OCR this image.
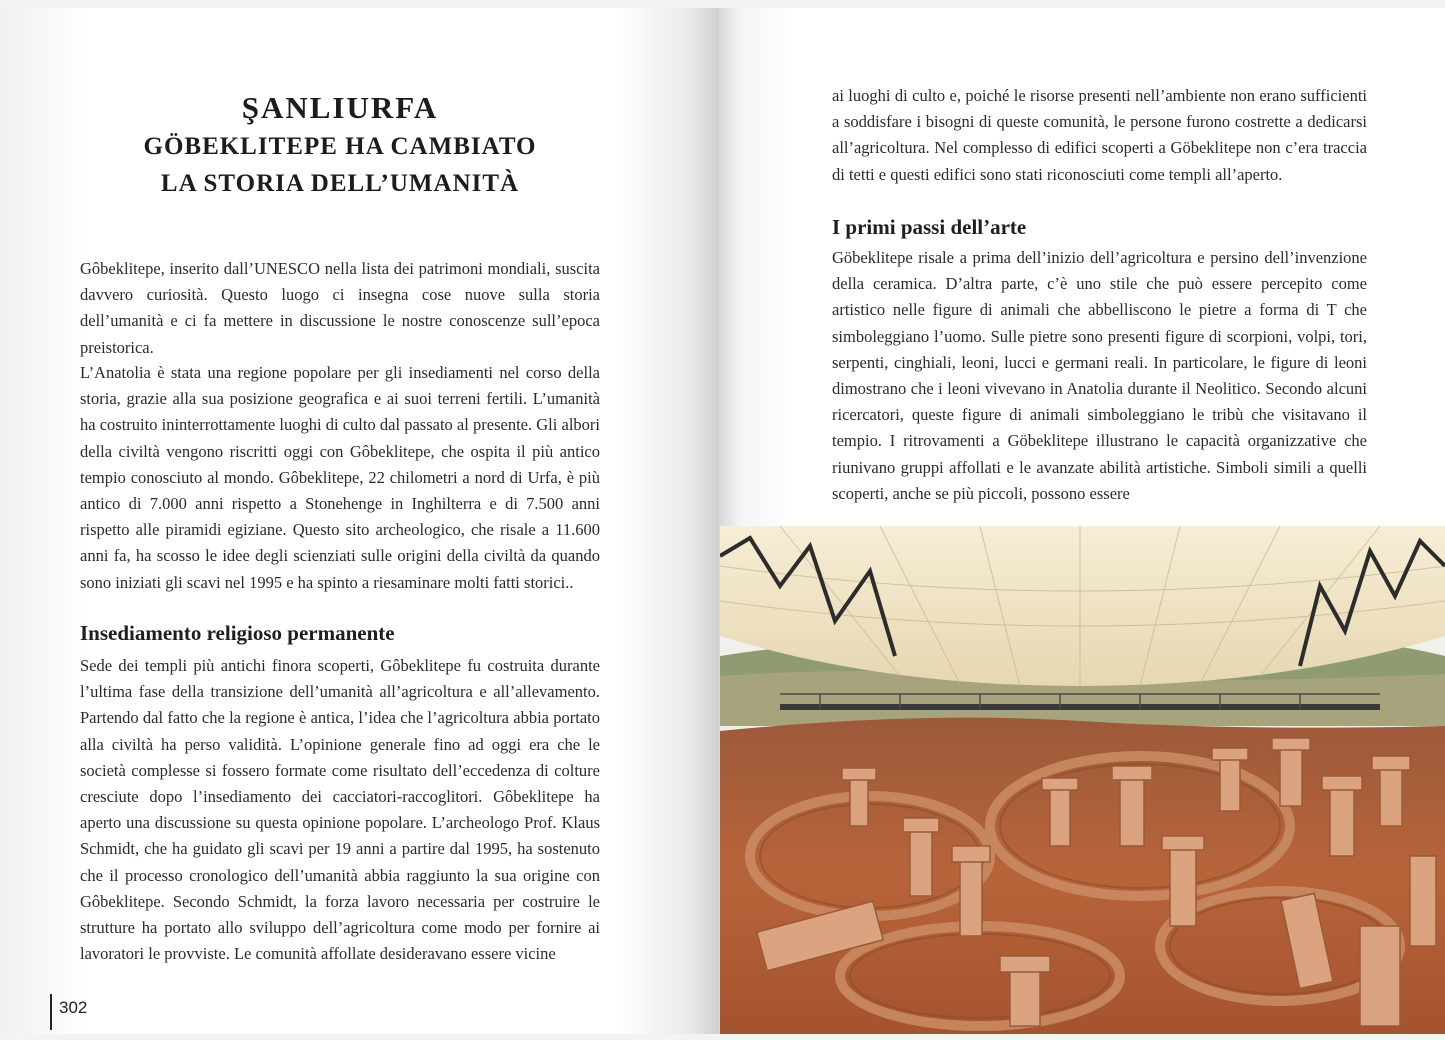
ŞANLIURFA

GÖBEKLITEPE HA CAMBIATO

LA STORIA DELL’UMANITÀ

Gôbeklitepe, inserito dall’UNESCO nella lista dei patrimoni mondiali, suscita davvero curiosità. Questo luogo ci insegna cose nuove sulla storia dell’umanità e ci fa mettere in discussione le nostre conoscenze sull’epoca preistorica.

L’Anatolia è stata una regione popolare per gli insediamenti nel corso della storia, grazie alla sua posizione geografica e ai suoi terreni fertili. L’umanità ha costruito ininterrottamente luoghi di culto dal passato al presente. Gli albori della civiltà vengono riscritti oggi con Gôbeklitepe, che ospita il più antico tempio conosciuto al mondo. Gôbeklitepe, 22 chilometri a nord di Urfa, è più antico di 7.000 anni rispetto a Stonehenge in Inghilterra e di 7.500 anni rispetto alle piramidi egiziane. Questo sito archeologico, che risale a 11.600 anni fa, ha scosso le idee degli scienziati sulle origini della civiltà da quando sono iniziati gli scavi nel 1995 e ha spinto a riesaminare molti fatti storici..

Insediamento religioso permanente

Sede dei templi più antichi finora scoperti, Gôbeklitepe fu costruita durante l’ultima fase della transizione dell’umanità all’agricoltura e all’allevamento. Partendo dal fatto che la regione è antica, l’idea che l’agricoltura abbia portato alla civiltà ha perso validità. L’opinione generale fino ad oggi era che le società complesse si fossero formate come risultato dell’eccedenza di colture cresciute dopo l’insediamento dei cacciatori-raccoglitori. Gôbeklitepe ha aperto una discussione su questa opinione popolare. L’archeologo Prof. Klaus Schmidt, che ha guidato gli scavi per 19 anni a partire dal 1995, ha sostenuto che il processo cronologico dell’umanità abbia raggiunto la sua origine con Gôbeklitepe. Secondo Schmidt, la forza lavoro necessaria per costruire le strutture ha portato allo sviluppo dell’agricoltura come modo per fornire ai lavoratori le provviste. Le comunità affollate desideravano essere vicine

302

ai luoghi di culto e, poiché le risorse presenti nell’ambiente non erano sufficienti a soddisfare i bisogni di queste comunità, le persone furono costrette a dedicarsi all’agricoltura. Nel complesso di edifici scoperti a Göbeklitepe non c’era traccia di tetti e questi edifici sono stati riconosciuti come templi all’aperto.

I primi passi dell’arte

Göbeklitepe risale a prima dell’inizio dell’agricoltura e persino dell’invenzione della ceramica. D’altra parte, c’è uno stile che può essere percepito come artistico nelle figure di animali che abbelliscono le pietre a forma di T che simboleggiano l’uomo. Sulle pietre sono presenti figure di scorpioni, volpi, tori, serpenti, cinghiali, leoni, lucci e germani reali. In particolare, le figure di leoni dimostrano che i leoni vivevano in Anatolia durante il Neolitico. Secondo alcuni ricercatori, queste figure di animali simboleggiano le tribù che visitavano il tempio. I ritrovamenti a Göbeklitepe illustrano le capacità organizzative che riunivano gruppi affollati e le avanzate abilità artistiche. Simboli simili a quelli scoperti, anche se più piccoli, possono essere
